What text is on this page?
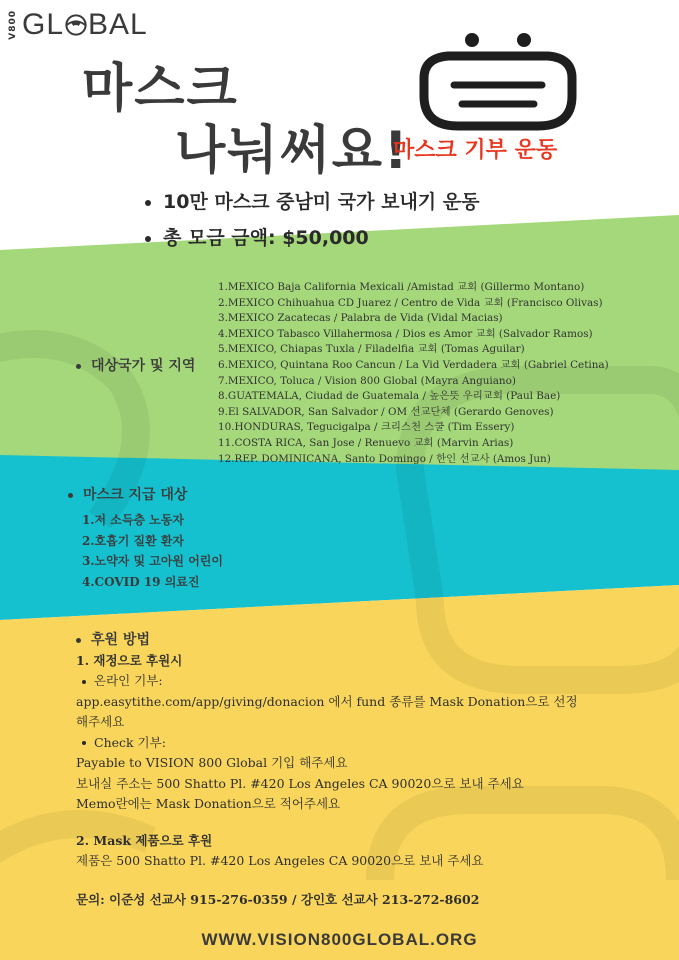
V800 GL BAL
마스크
나눠써요!
마스크 기부 운동
10만 마스크 중남미 국가 보내기 운동
총 모금 금액: $50,000
대상국가 및 지역
1.MEXICO Baja California Mexicali /Amistad 교회 (Gillermo Montano)
2.MEXICO Chihuahua CD Juarez / Centro de Vida 교회 (Francisco Olivas)
3.MEXICO Zacatecas / Palabra de Vida (Vidal Macias)
4.MEXICO Tabasco Villahermosa / Dios es Amor 교회 (Salvador Ramos)
5.MEXICO, Chiapas Tuxla / Filadelfia 교회 (Tomas Aguilar)
6.MEXICO, Quintana Roo Cancun / La Vid Verdadera 교회 (Gabriel Cetina)
7.MEXICO, Toluca / Vision 800 Global (Mayra Anguiano)
8.GUATEMALA, Ciudad de Guatemala / 높은뜻 우리교회 (Paul Bae)
9.El SALVADOR, San Salvador / OM 선교단체 (Gerardo Genoves)
10.HONDURAS, Tegucigalpa / 크리스천 스쿨 (Tim Essery)
11.COSTA RICA, San Jose / Renuevo 교회 (Marvin Arias)
12.REP. DOMINICANA, Santo Domingo / 한인 선교사 (Amos Jun)
마스크 지급 대상
1.저 소득층 노동자
2.호흡기 질환 환자
3.노약자 및 고아원 어린이
4.COVID 19 의료진
후원 방법
1. 재정으로 후원시
온라인 기부:
app.easytithe.com/app/giving/donacion 에서 fund 종류를 Mask Donation으로 선정
해주세요
Check 기부:
Payable to VISION 800 Global 기입 해주세요
보내실 주소는 500 Shatto Pl. #420 Los Angeles CA 90020으로 보내 주세요
Memo란에는 Mask Donation으로 적어주세요
2. Mask 제품으로 후원
제품은 500 Shatto Pl. #420 Los Angeles CA 90020으로 보내 주세요
문의: 이준성 선교사 915-276-0359 / 강인호 선교사 213-272-8602
WWW.VISION800GLOBAL.ORG
